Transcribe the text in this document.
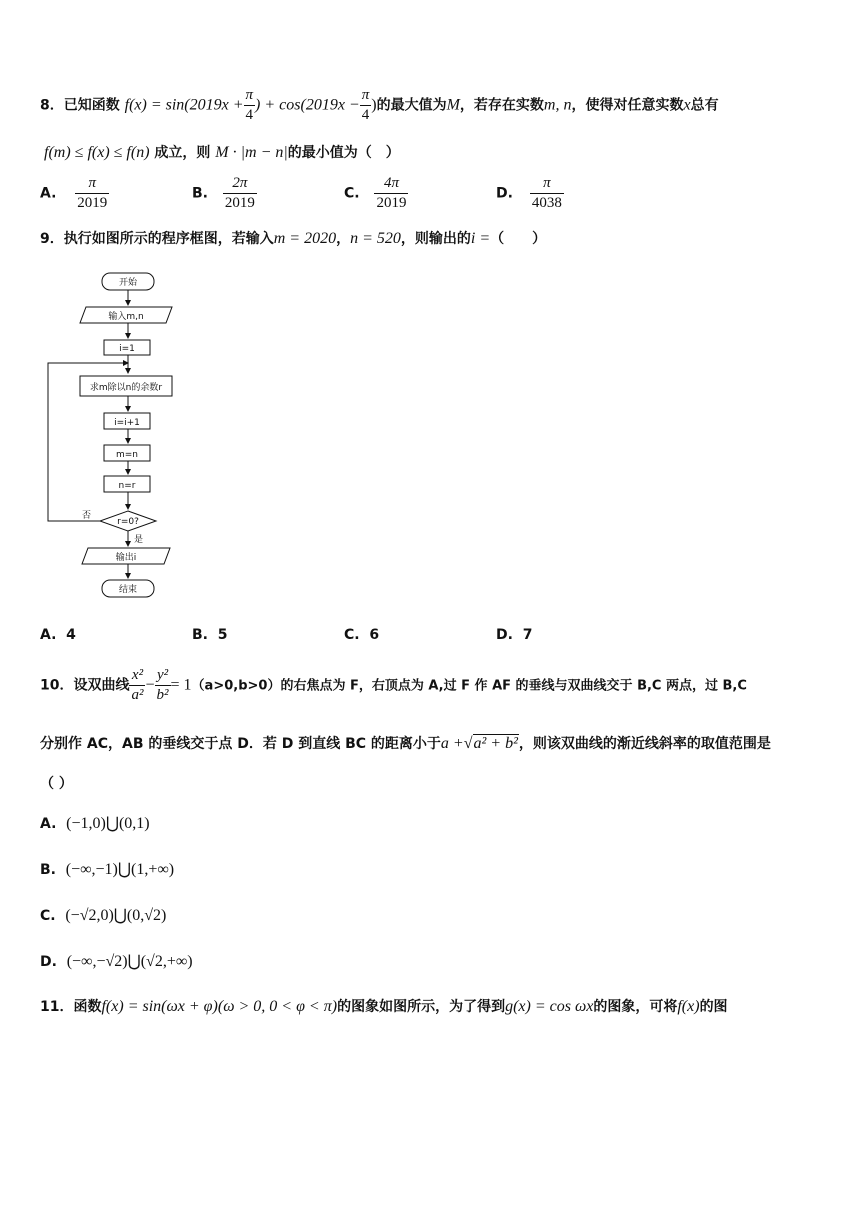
8．已知函数 $f(x) = \sin(2019x + \frac{\pi}{4}$ ) + $\cos(2019x - \frac{\pi}{4}$ )的最大值为M，若存在实数m, n，使得对任意实数x总有
f(m) ≤ f(x) ≤ f(n) 成立，则 M · |m − n|的最小值为（　）
A. $\frac{\pi}{2019}$	B. $\frac{2\pi}{2019}$	C. $\frac{4\pi}{2019}$	D. $\frac{\pi}{4038}$
9．执行如图所示的程序框图，若输入m = 2020，n = 520，则输出的i =（　　）
开始
输入m,n
i=1
求m除以n的余数r
i=i+1
m=n
n=r
r=0?
否
是
输出i
结束
A. 4	B. 5	C. 6	D. 7
10．设双曲线 $\frac{\text{x²}}{\text{a²}} - \frac{\text{y²}}{\text{b²}} = 1(a>0,b>0)$的右焦点为 F，右顶点为 A,过 F 作 AF 的垂线与双曲线交于 B,C 两点，过 B,C
分别作 AC，AB 的垂线交于点 D．若 D 到直线 BC 的距离小于a +√a² + b²，则该双曲线的渐近线斜率的取值范围是
（ ）
A. (−1,0)⋃(0,1)
B. (−∞,−1)⋃(1,+∞)
C. (−√2,0)⋃(0,√2)
D. (−∞,−√2)⋃(√2,+∞)
11．函数f(x) = sin(ωx + φ)(ω > 0, 0 < φ < π)的图象如图所示，为了得到g(x) = cos ωx的图象，可将f(x)的图
